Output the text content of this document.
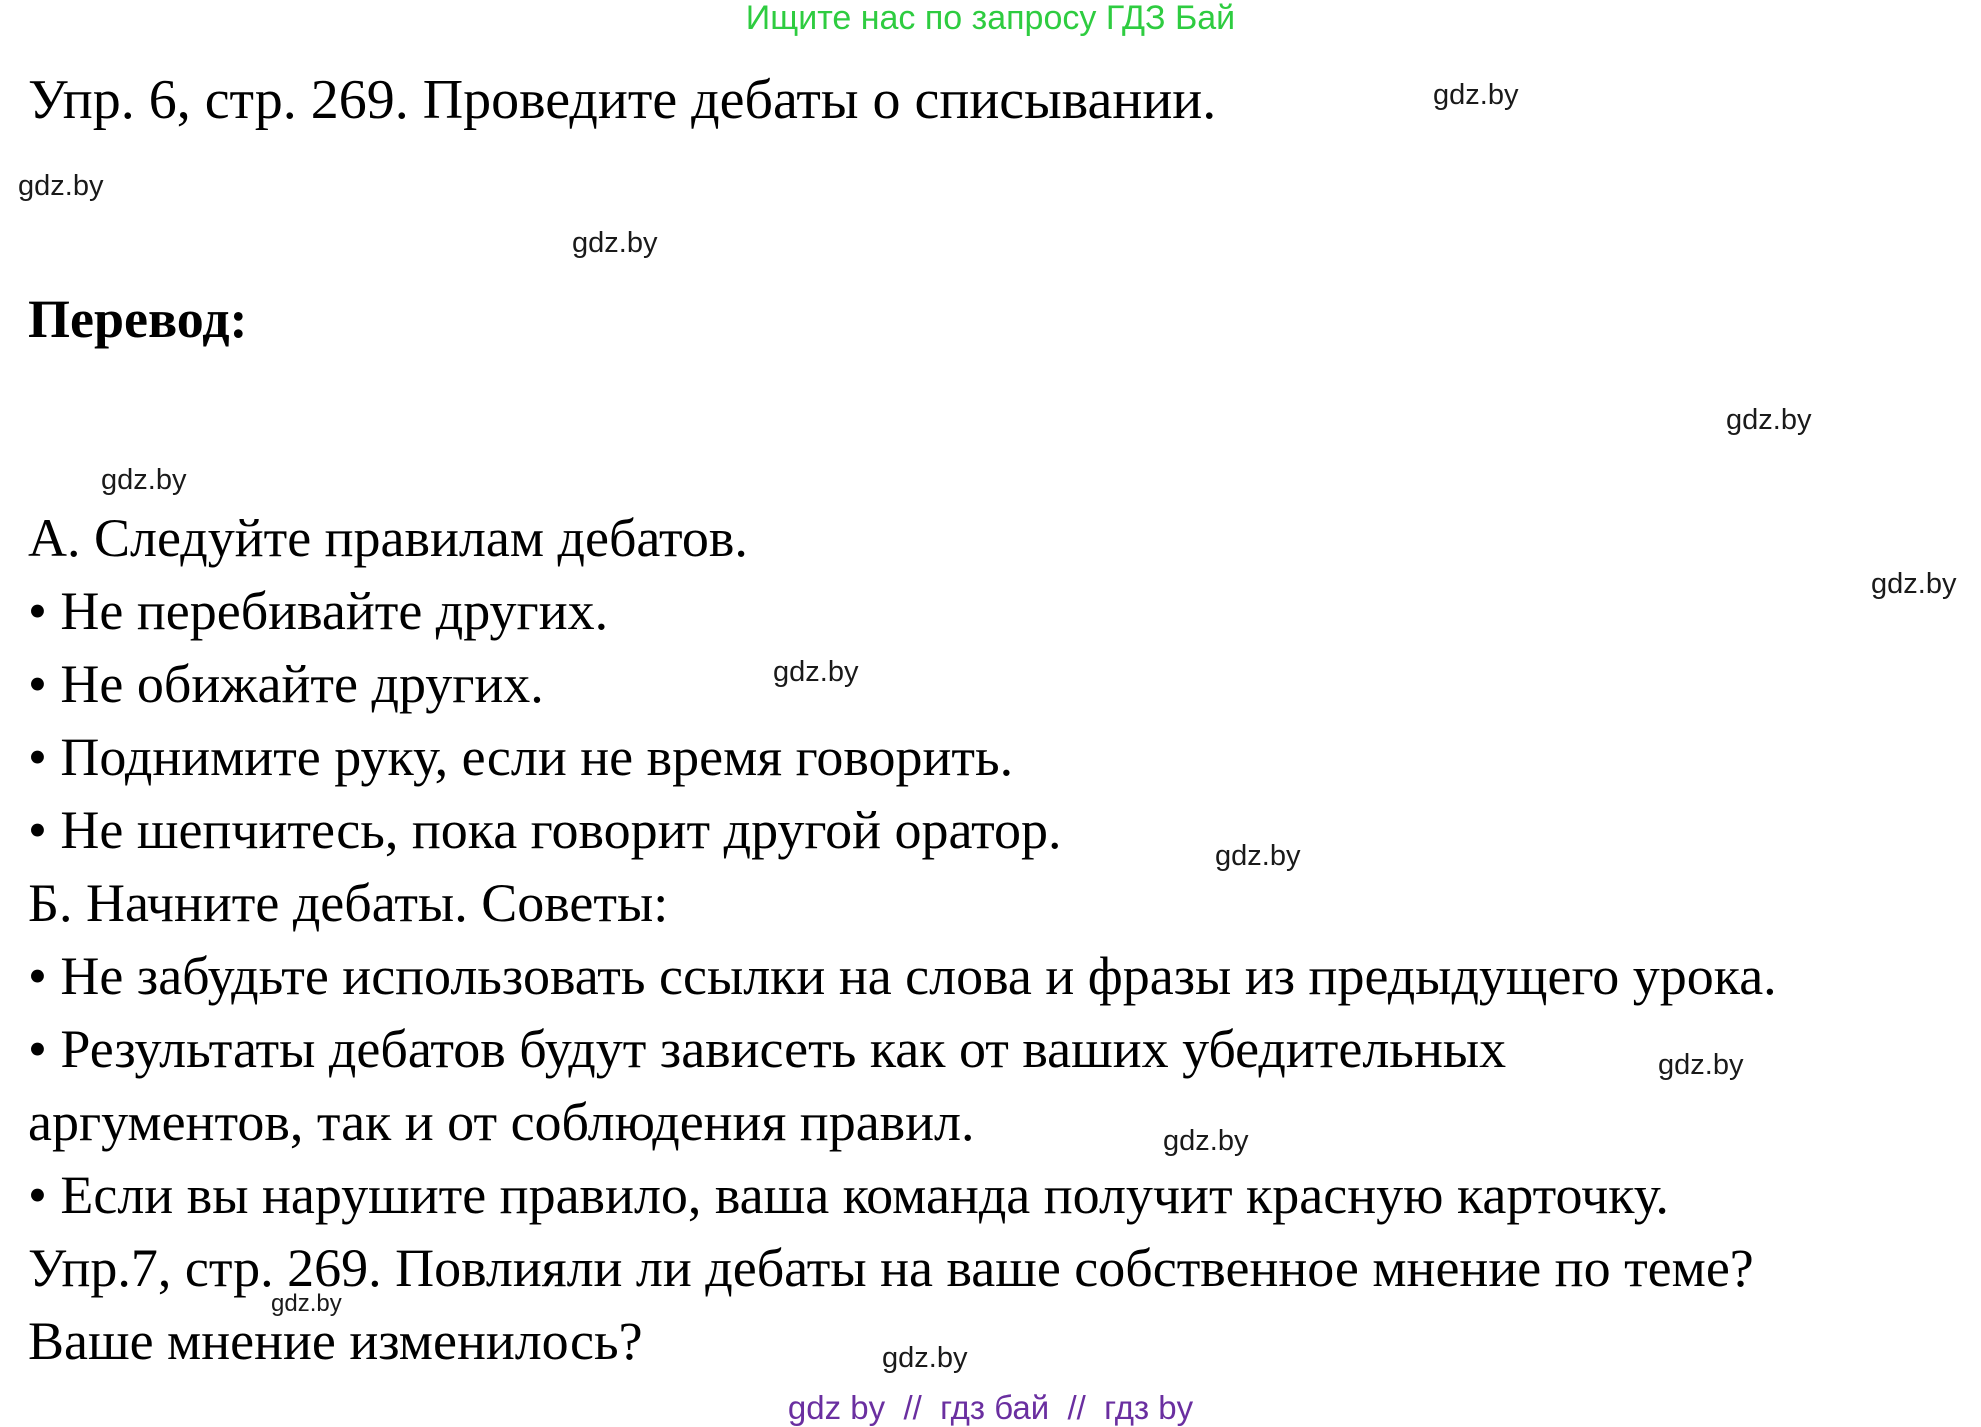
Ищите нас по запросу ГДЗ Бай
Упр. 6, стр. 269. Проведите дебаты о списывании.
Перевод:
А. Следуйте правилам дебатов.
• Не перебивайте других.
• Не обижайте других.
• Поднимите руку, если не время говорить.
• Не шепчитесь, пока говорит другой оратор.
Б. Начните дебаты. Советы:
• Не забудьте использовать ссылки на слова и фразы из предыдущего урока.
• Результаты дебатов будут зависеть как от ваших убедительных
аргументов, так и от соблюдения правил.
• Если вы нарушите правило, ваша команда получит красную карточку.
Упр.7, стр. 269. Повлияли ли дебаты на ваше собственное мнение по теме?
Ваше мнение изменилось?
gdz.by
gdz.by
gdz.by
gdz.by
gdz.by
gdz.by
gdz.by
gdz.by
gdz.by
gdz.by
gdz.by
gdz.by
gdz by  //  гдз бай  //  гдз by
